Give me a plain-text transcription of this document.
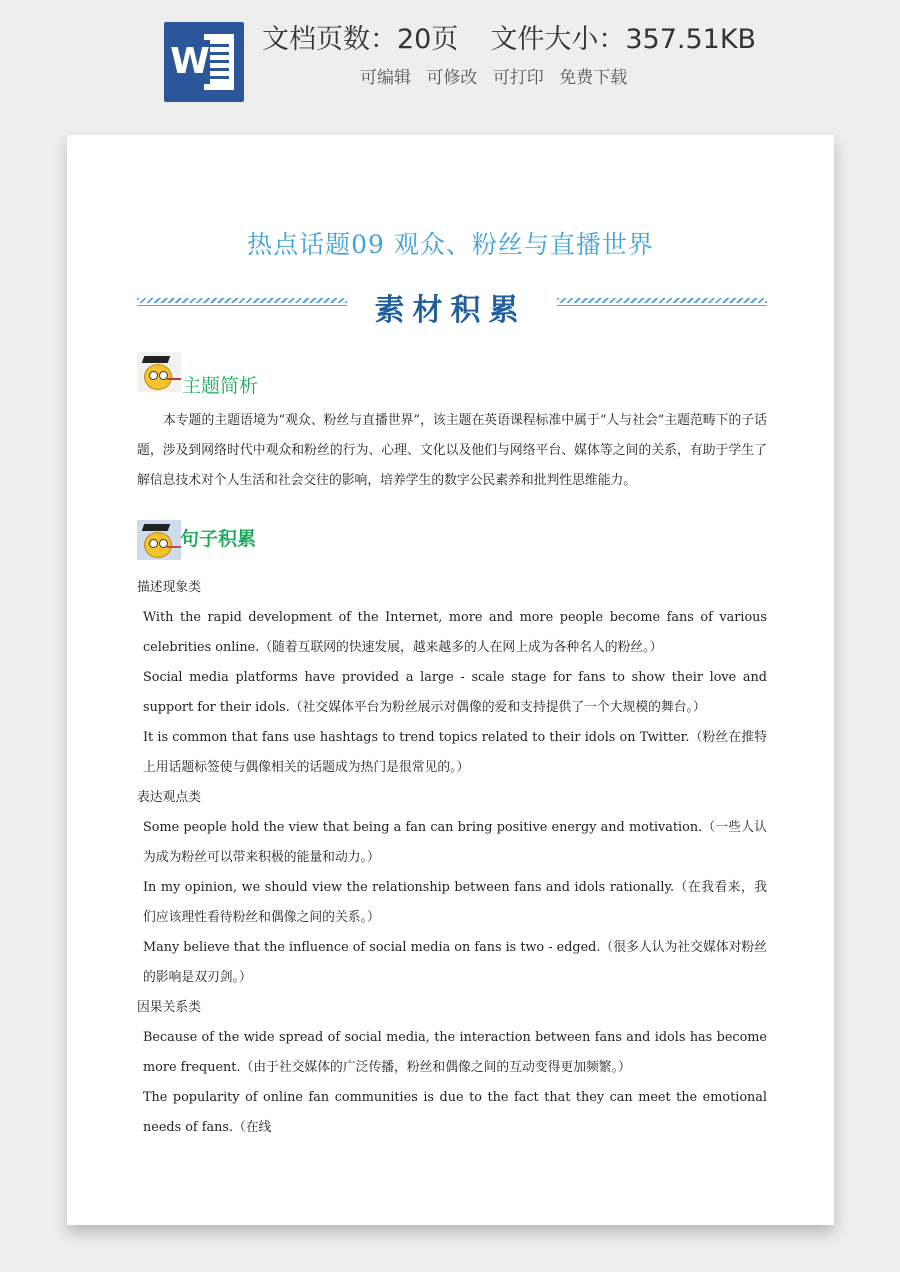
W
文档页数：20页 文件大小：357.51KB
可编辑 可修改 可打印 免费下载
热点话题09 观众、粉丝与直播世界
素材积累
主题简析
本专题的主题语境为“观众、粉丝与直播世界”，该主题在英语课程标准中属于“人与社会”主题范畴下的子话题，涉及到网络时代中观众和粉丝的行为、心理、文化以及他们与网络平台、媒体等之间的关系，有助于学生了解信息技术对个人生活和社会交往的影响，培养学生的数字公民素养和批判性思维能力。
句子积累

描述现象类

With the rapid development of the Internet, more and more people become fans of various celebrities online.（随着互联网的快速发展，越来越多的人在网上成为各种名人的粉丝。）

Social media platforms have provided a large - scale stage for fans to show their love and support for their idols.（社交媒体平台为粉丝展示对偶像的爱和支持提供了一个大规模的舞台。）

It is common that fans use hashtags to trend topics related to their idols on Twitter.（粉丝在推特上用话题标签使与偶像相关的话题成为热门是很常见的。）

表达观点类

Some people hold the view that being a fan can bring positive energy and motivation.（一些人认为成为粉丝可以带来积极的能量和动力。）

In my opinion, we should view the relationship between fans and idols rationally.（在我看来，我们应该理性看待粉丝和偶像之间的关系。）

Many believe that the influence of social media on fans is two - edged.（很多人认为社交媒体对粉丝的影响是双刃剑。）

因果关系类

Because of the wide spread of social media, the interaction between fans and idols has become more frequent.（由于社交媒体的广泛传播，粉丝和偶像之间的互动变得更加频繁。）

The popularity of online fan communities is due to the fact that they can meet the emotional needs of fans.（在线
